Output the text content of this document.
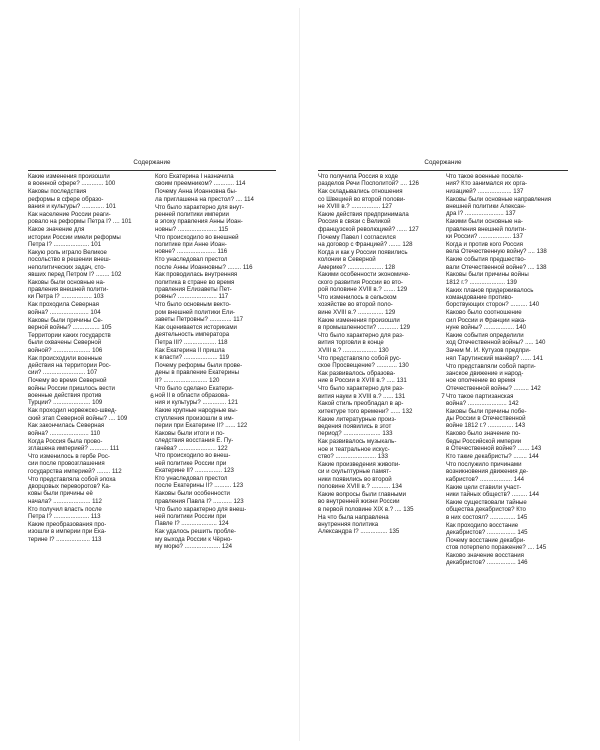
Содержание
Какие изменения произошли
в военной сфере? ............. 100
Каковы последствия
реформы в сфере образо-
вания и культуры? ............. 101
Как население России реаги-
ровало на реформы Петра I? .... 101
Какое значение для
истории России имели реформы
Петра I? ..................... 101
Какую роль играло Великое
посольство в решении внеш-
неполитических задач, сто-
явших перед Петром I? ........ 102
Каковы были основные на-
правления внешней полити-
ки Петра I? .................. 103
Как проходила Северная
война? ....................... 104
Каковы были причины Се-
верной войны? ................ 105
Территории каких государств
были охвачены Северной
войной? ...................... 106
Как происходили военные
действия на территории Рос-
сии? ......................... 107
Почему во время Северной
войны России пришлось вести
военные действия против
Турции? ...................... 109
Как проходил норвежско-швед-
ский этап Северной войны? .... 109
Как закончилась Северная
война? ....................... 110
Когда Россия была прово-
зглашена империей? ........... 111
Что изменилось в гербе Рос-
сии после провозглашения
государства империей? ........ 112
Что представляла собой эпоха
дворцовых переворотов? Ка-
ковы были причины её
начала? ...................... 112
Кто получил власть после
Петра I? ..................... 113
Какие преобразования про-
изошли в империи при Ека-
терине I? .................... 113
Кого Екатерина I назначила
своим преемником? ............ 114
Почему Анна Иоанновна бы-
ла приглашена на престол? .... 114
Что было характерно для внут-
ренней политики империи
в эпоху правления Анны Иоан-
новны? ....................... 115
Что происходило во внешней
политике при Анне Иоан-
новне? ....................... 116
Кто унаследовал престол
после Анны Иоанновны? ........ 116
Как проводилась внутренняя
политика в стране во время
правления Елизаветы Пет-
ровны? ....................... 117
Что было основным векто-
ром внешней политики Ели-
заветы Петровны? ............. 117
Как оценивается историками
деятельность императора
Петра III? ................... 118
Как Екатерина II пришла
к власти? .................... 119
Почему реформы были прове-
дены в правление Екатерины
II? .......................... 120
Что было сделано Екатери-
ной II в области образова-
ния и культуры? .............. 121
Какие крупные народные вы-
ступления произошли в им-
перии при Екатерине II? ...... 122
Каковы были итоги и по-
следствия восстания Е. Пу-
гачёва? ...................... 122
Что происходило во внеш-
ней политике России при
Екатерине II? ................ 123
Кто унаследовал престол
после Екатерины II? .......... 123
Каковы были особенности
правления Павла I? ........... 123
Что было характерно для внеш-
ней политики России при
Павле I? ..................... 124
Как удалось решить пробле-
му выхода России к Чёрно-
му морю? ..................... 124
6
Содержание
Что получила Россия в ходе
разделов Речи Посполитой? .... 126
Как складывались отношения
со Швецией во второй полови-
не XVIII в.? ................. 127
Какие действия предпринимала
Россия в связи с Великой
французской революцией? ...... 127
Почему Павел I согласился
на договор с Францией? ....... 128
Когда и как у России появились
колонии в Северной
Америке? ..................... 128
Какими особенности экономиче-
ского развития России во вто-
рой половине XVIII в.? ....... 129
Что изменилось в сельском
хозяйстве во второй поло-
вине XVIII в.? ............... 129
Какие изменения произошли
в промышленности? ............ 129
Что было характерно для раз-
вития торговли в конце
XVIII в.? .................... 130
Что представляло собой рус-
ское Просвещение? ............ 130
Как развивалось образова-
ние в России в XVIII в.? ..... 131
Что было характерно для раз-
вития науки в XVIII в.? ...... 131
Какой стиль преобладал в ар-
хитектуре того времени? ...... 132
Какие литературные произ-
ведения появились в этот
период? ...................... 133
Как развивалось музыкаль-
ное и театральное искус-
ство? ........................ 133
Какие произведения живопи-
си и скульптурные памят-
ники появились во второй
половине XVIII в.? ........... 134
Какие вопросы были главными
во внутренней жизни России
в первой половине XIX в.? .... 135
На что была направлена
внутренняя политика
Александра I? ................ 135
Что такое военные поселе-
ния? Кто занимался их орга-
низацией? .................... 137
Каковы были основные направления
внешней политики Алексан-
дра I? ....................... 137
Какими были основные на-
правления внешней полити-
ки России? ................... 137
Когда и против кого Россия
вела Отечественную войну? .... 138
Какие события предшество-
вали Отечественной войне? .... 138
Каковы были причины войны
1812 г.? ..................... 139
Каких планов придерживалось
командование противо-
борствующих сторон? .......... 140
Каково было соотношение
сил России и Франции нака-
нуне войны? .................. 140
Какие события определили
ход Отечественной войны? ..... 140
Зачем М. И. Кутузов предпри-
нял Тарутинский манёвр? ...... 141
Что представляли собой парти-
занское движение и народ-
ное ополчение во время
Отечественной войны? ......... 142
Что такое партизанская
война? ....................... 142
Каковы были причины побе-
ды России в Отечественной
войне 1812 г.? ............... 143
Каково было значение по-
беды Российской империи
в Отечественной войне? ....... 143
Кто такие декабристы? ........ 144
Что послужило причинами
возникновения движения де-
кабристов? ................... 144
Какие цели ставили участ-
ники тайных обществ? ......... 144
Какие существовали тайные
общества декабристов? Кто
в них состоял? ............... 145
Как проходило восстание
декабристов? ................. 145
Почему восстание декабри-
стов потерпело поражение? .... 145
Каково значение восстания
декабристов? ................. 146
7
